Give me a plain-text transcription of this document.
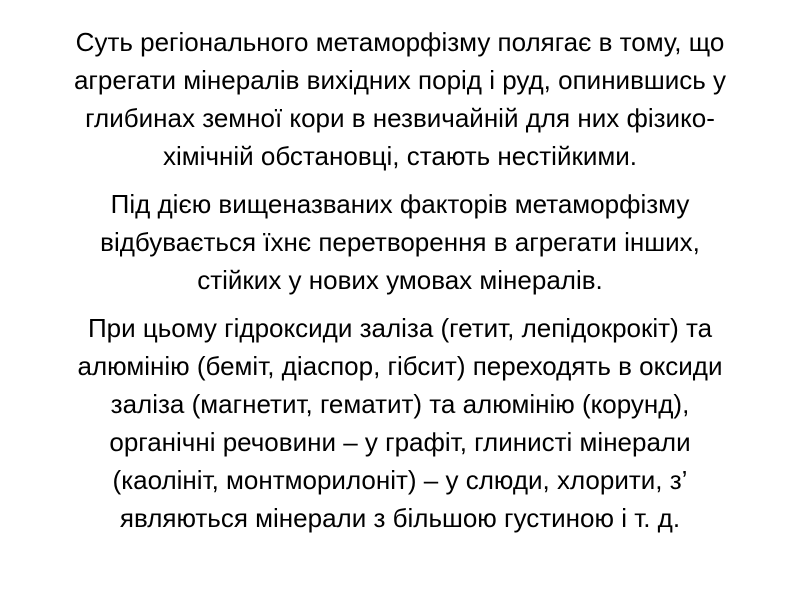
Суть регіонального метаморфізму полягає в тому, що
агрегати мінералів вихідних порід і руд, опинившись у
глибинах земної кори в незвичайній для них фізико-
хімічній обстановці, стають нестійкими.
Під дією вищеназваних факторів метаморфізму
відбувається їхнє перетворення в агрегати інших,
стійких у нових умовах мінералів.
При цьому гідроксиди заліза (гетит, лепідокрокіт) та
алюмінію (беміт, діаспор, гібсит) переходять в оксиди
заліза (магнетит, гематит) та алюмінію (корунд),
органічні речовини – у графіт, глинисті мінерали
(каолініт, монтморилоніт) – у слюди, хлорити, з’
являються мінерали з більшою густиною і т. д.
